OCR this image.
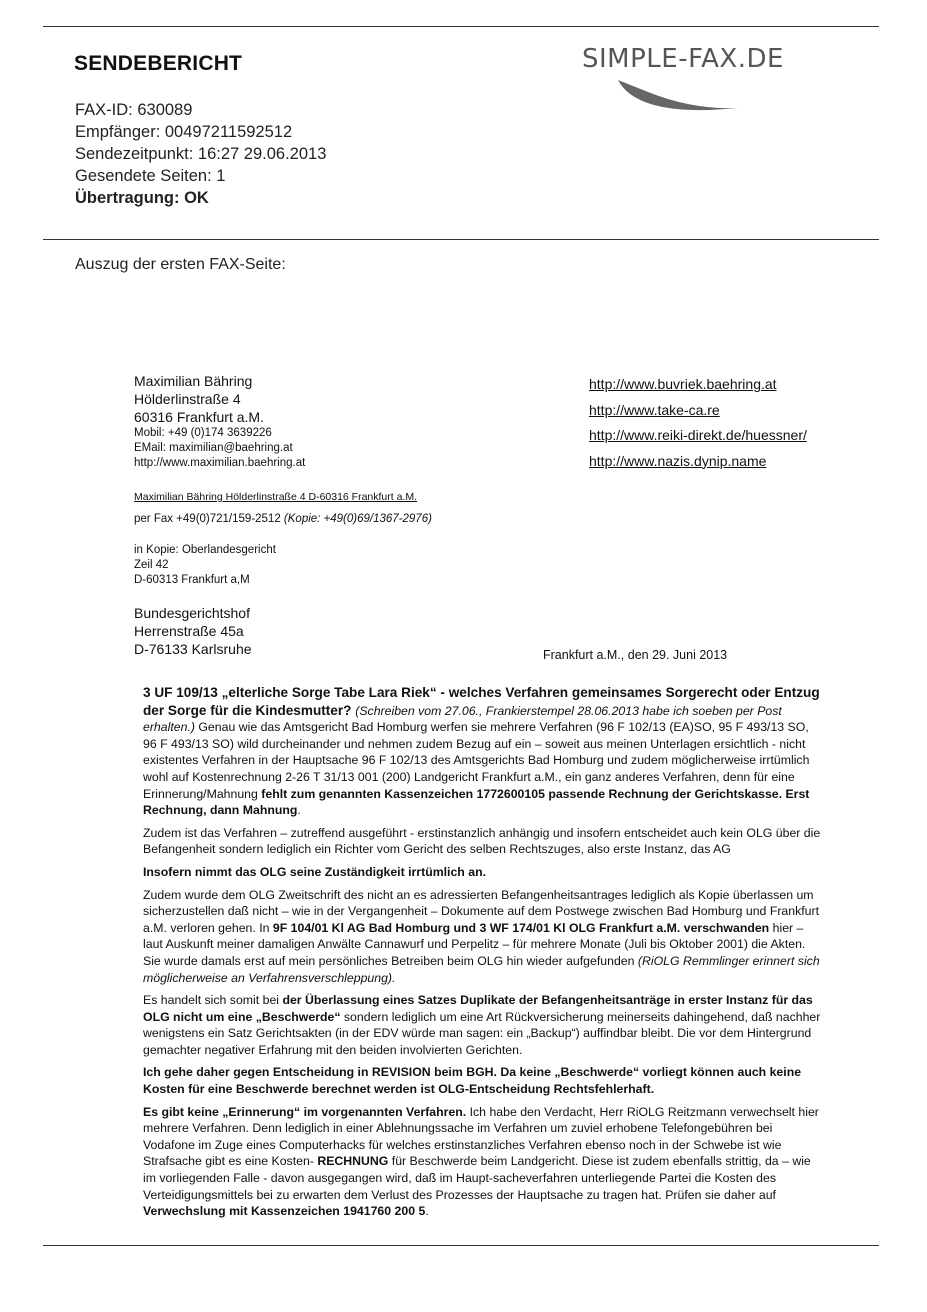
SENDEBERICHT
FAX-ID: 630089
Empfänger: 00497211592512
Sendezeitpunkt: 16:27 29.06.2013
Gesendete Seiten: 1
Übertragung: OK
SIMPLE-FAX.DE
Auszug der ersten FAX-Seite:
Maximilian Bähring
Hölderlinstraße 4
60316 Frankfurt a.M.
Mobil: +49 (0)174 3639226
EMail: maximilian@baehring.at
http://www.maximilian.baehring.at
http://www.buvriek.baehring.at
http://www.take-ca.re
http://www.reiki-direkt.de/huessner/
http://www.nazis.dynip.name
Maximilian Bähring Hölderlinstraße 4 D-60316 Frankfurt a.M.
per Fax +49(0)721/159-2512 (Kopie: +49(0)69/1367-2976)
in Kopie: Oberlandesgericht
Zeil 42
D-60313 Frankfurt a,M
Bundesgerichtshof
Herrenstraße 45a
D-76133 Karlsruhe	Frankfurt a.M., den 29. Juni 2013

3 UF 109/13 „elterliche Sorge Tabe Lara Riek“ - welches Verfahren gemeinsames Sorgerecht oder Entzug der Sorge für die Kindesmutter? (Schreiben vom 27.06., Frankierstempel 28.06.2013 habe ich soeben per Post erhalten.) Genau wie das Amtsgericht Bad Homburg werfen sie mehrere Verfahren (96 F 102/13 (EA)SO, 95 F 493/13 SO, 96 F 493/13 SO) wild durcheinander und nehmen zudem Bezug auf ein – soweit aus meinen Unterlagen ersichtlich - nicht existentes Verfahren in der Hauptsache 96 F 102/13 des Amtsgerichts Bad Homburg und zudem möglicherweise irrtümlich wohl auf Kostenrechnung 2-26 T 31/13 001 (200) Landgericht Frankfurt a.M., ein ganz anderes Verfahren, denn für eine Erinnerung/Mahnung fehlt zum genannten Kassenzeichen 1772600105 passende Rechnung der Gerichtskasse. Erst Rechnung, dann Mahnung.

Zudem ist das Verfahren – zutreffend ausgeführt - erstinstanzlich anhängig und insofern entscheidet auch kein OLG über die Befangenheit sondern lediglich ein Richter vom Gericht des selben Rechtszuges, also erste Instanz, das AG

Insofern nimmt das OLG seine Zuständigkeit irrtümlich an.

Zudem wurde dem OLG Zweitschrift des nicht an es adressierten Befangenheitsantrages lediglich als Kopie überlassen um sicherzustellen daß nicht – wie in der Vergangenheit – Dokumente auf dem Postwege zwischen Bad Homburg und Frankfurt a.M. verloren gehen. In 9F 104/01 Kl AG Bad Homburg und 3 WF 174/01 Kl OLG Frankfurt a.M. verschwanden hier – laut Auskunft meiner damaligen Anwälte Cannawurf und Perpelitz – für mehrere Monate (Juli bis Oktober 2001) die Akten. Sie wurde damals erst auf mein persönliches Betreiben beim OLG hin wieder aufgefunden (RiOLG Remmlinger erinnert sich möglicherweise an Verfahrensverschleppung).

Es handelt sich somit bei der Überlassung eines Satzes Duplikate der Befangenheitsanträge in erster Instanz für das OLG nicht um eine „Beschwerde“ sondern lediglich um eine Art Rückversicherung meinerseits dahingehend, daß nachher wenigstens ein Satz Gerichtsakten (in der EDV würde man sagen: ein „Backup“) auffindbar bleibt. Die vor dem Hintergrund gemachter negativer Erfahrung mit den beiden involvierten Gerichten.

Ich gehe daher gegen Entscheidung in REVISION beim BGH. Da keine „Beschwerde“ vorliegt können auch keine Kosten für eine Beschwerde berechnet werden ist OLG-Entscheidung Rechtsfehlerhaft.

Es gibt keine „Erinnerung“ im vorgenannten Verfahren. Ich habe den Verdacht, Herr RiOLG Reitzmann verwechselt hier mehrere Verfahren. Denn lediglich in einer Ablehnungssache im Verfahren um zuviel erhobene Telefongebühren bei Vodafone im Zuge eines Computerhacks für welches erstinstanzliches Verfahren ebenso noch in der Schwebe ist wie Strafsache gibt es eine Kosten- RECHNUNG für Beschwerde beim Landgericht. Diese ist zudem ebenfalls strittig, da – wie im vorliegenden Falle - davon ausgegangen wird, daß im Haupt-sacheverfahren unterliegende Partei die Kosten des Verteidigungsmittels bei zu erwarten dem Verlust des Prozesses der Hauptsache zu tragen hat. Prüfen sie daher auf Verwechslung mit Kassenzeichen 1941760 200 5.
